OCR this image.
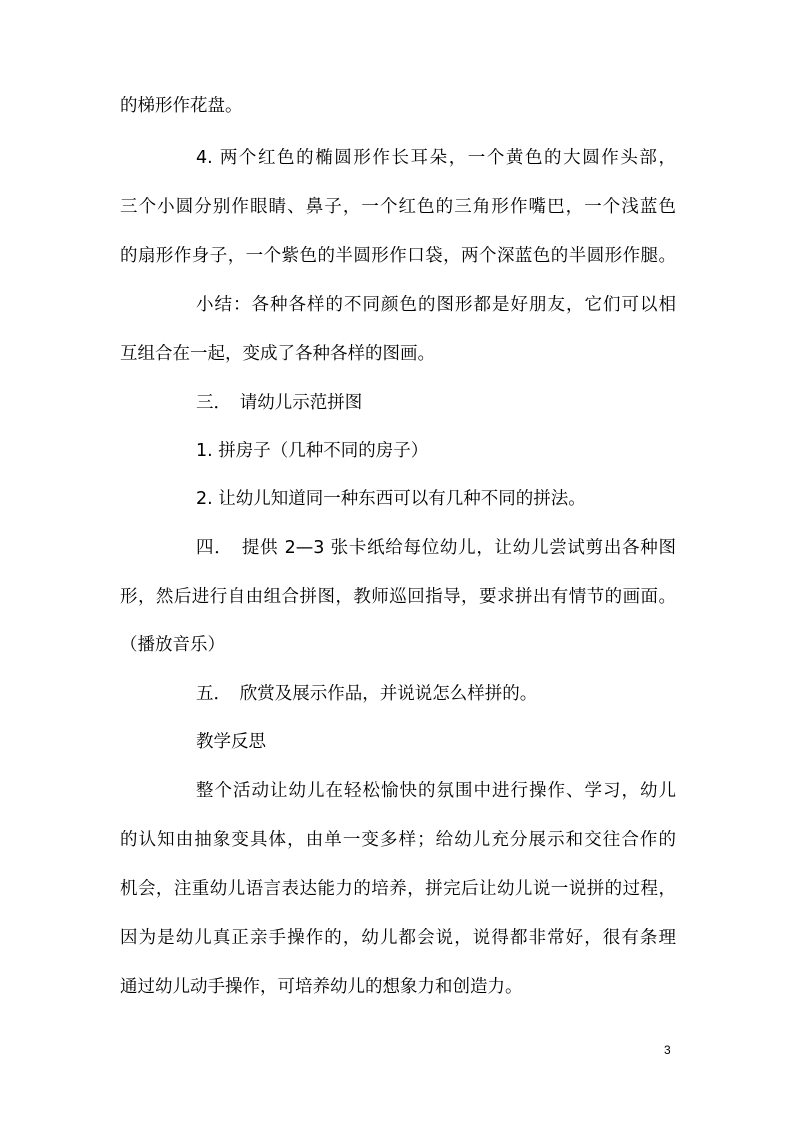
的梯形作花盘。
4. 两个红色的椭圆形作长耳朵，一个黄色的大圆作头部，
三个小圆分别作眼睛、鼻子，一个红色的三角形作嘴巴，一个浅蓝色
的扇形作身子，一个紫色的半圆形作口袋，两个深蓝色的半圆形作腿。
小结：各种各样的不同颜色的图形都是好朋友，它们可以相
互组合在一起，变成了各种各样的图画。
三．　请幼儿示范拼图
1. 拼房子（几种不同的房子）
2. 让幼儿知道同一种东西可以有几种不同的拼法。
四．　提供 2—3 张卡纸给每位幼儿，让幼儿尝试剪出各种图
形，然后进行自由组合拼图，教师巡回指导，要求拼出有情节的画面。
（播放音乐）
五．　欣赏及展示作品，并说说怎么样拼的。
教学反思
整个活动让幼儿在轻松愉快的氛围中进行操作、学习，幼儿
的认知由抽象变具体，由单一变多样；给幼儿充分展示和交往合作的
机会，注重幼儿语言表达能力的培养，拼完后让幼儿说一说拼的过程，
因为是幼儿真正亲手操作的，幼儿都会说，说得都非常好，很有条理
通过幼儿动手操作，可培养幼儿的想象力和创造力。
3
